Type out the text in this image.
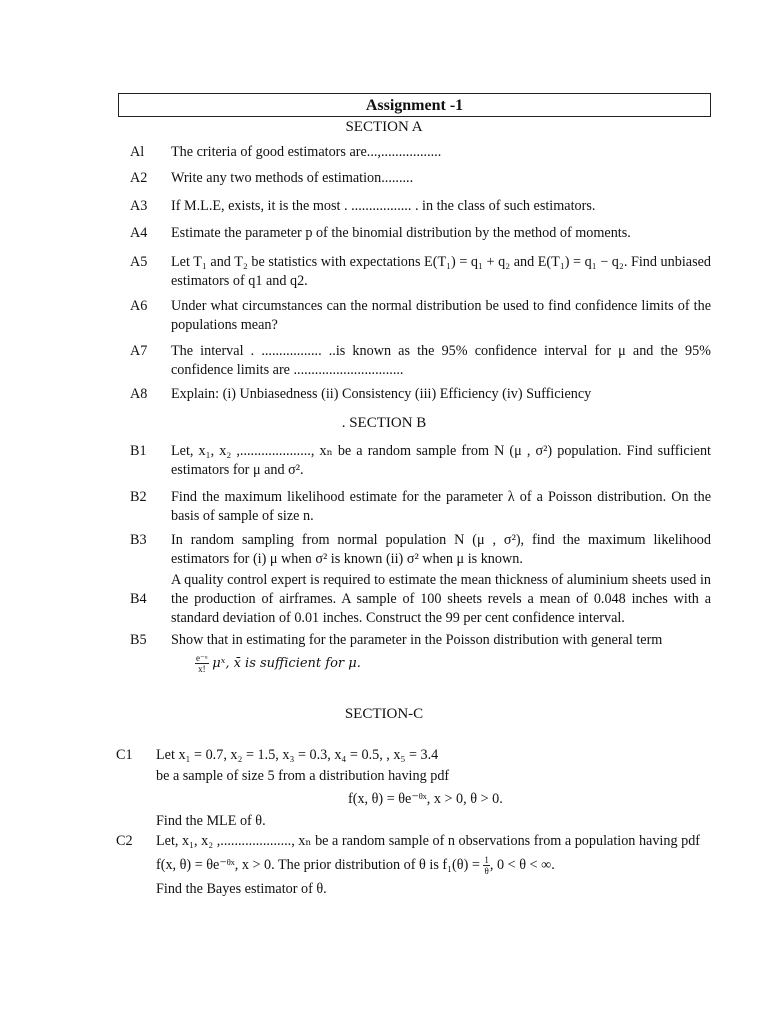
Assignment -1
SECTION A
Al	The criteria of good estimators are...,.................
A2	Write any two methods of estimation.........
A3	If M.L.E, exists, it is the most . ................. . in the class of such estimators.
A4	Estimate the parameter p of the binomial distribution by the method of moments.
A5	Let T₁ and T₂ be statistics with expectations E(T₁) = q₁ + q₂ and E(T₁) = q₁ − q₂. Find unbiased estimators of q1 and q2.
A6	Under what circumstances can the normal distribution be used to find confidence limits of the populations mean?
A7	The interval . ................. ..is known as the 95% confidence interval for μ and the 95% confidence limits are ...............................
A8	Explain: (i) Unbiasedness (ii) Consistency (iii) Efficiency (iv) Sufficiency
. SECTION B
B1	Let, x₁, x₂ ,...................., xₙ be a random sample from N (μ , σ²) population. Find sufficient estimators for μ and σ².
B2	Find the maximum likelihood estimate for the parameter λ of a Poisson distribution. On the basis of sample of size n.
B3	In random sampling from normal population N (μ , σ²), find the maximum likelihood estimators for (i) μ when σ² is known (ii) σ² when μ is known.
B4
A quality control expert is required to estimate the mean thickness of aluminium sheets used in the production of airframes. A sample of 100 sheets revels a mean of 0.048 inches with a standard deviation of 0.01 inches. Construct the 99 per cent confidence interval.
B5	Show that in estimating for the parameter in the Poisson distribution with general term
$\frac{\text{e⁻ᵘ}}{x!}$ μˣ, x̄ is sufficient for μ.
SECTION-C
C1 Let x₁ = 0.7, x₂ = 1.5, x₃ = 0.3, x₄ = 0.5, , x₅ = 3.4
be a sample of size 5 from a distribution having pdf
f(x, θ) = θe⁻ᶿˣ, x > 0, θ > 0.
Find the MLE of θ.
C2 Let, x₁, x₂ ,...................., xₙ be a random sample of n observations from a population having pdf
f(x, θ) = θe⁻ᶿˣ, x > 0. The prior distribution of θ is $f_1(\theta) = \frac{1}{\theta}$ , 0 < θ < ∞.
Find the Bayes estimator of θ.
